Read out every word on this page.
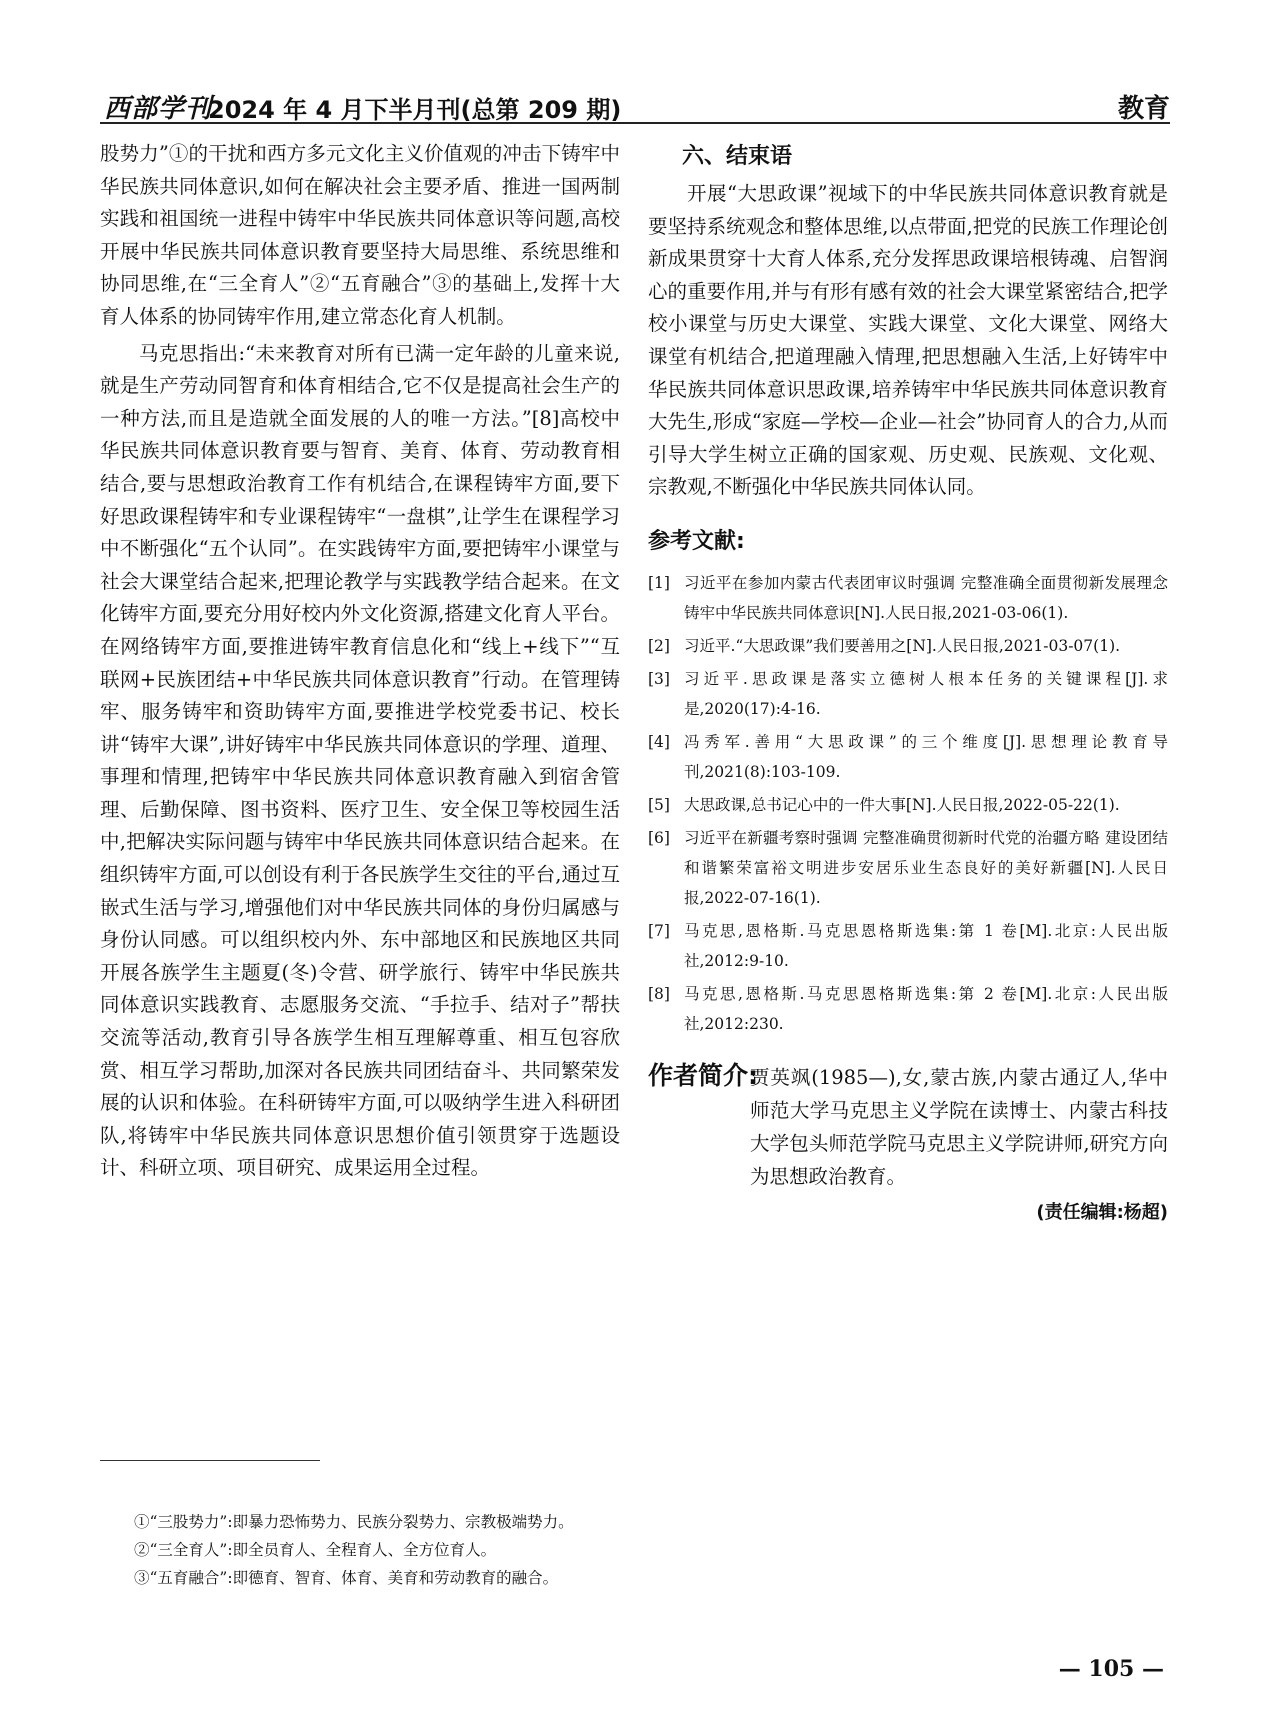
西部学刊
2024 年 4 月下半月刊(总第 209 期)	教育

股势力”①的干扰和西方多元文化主义价值观的冲击下铸牢中华民族共同体意识,如何在解决社会主要矛盾、推进一国两制实践和祖国统一进程中铸牢中华民族共同体意识等问题,高校开展中华民族共同体意识教育要坚持大局思维、系统思维和协同思维,在“三全育人”②“五育融合”③的基础上,发挥十大育人体系的协同铸牢作用,建立常态化育人机制。

马克思指出:“未来教育对所有已满一定年龄的儿童来说,就是生产劳动同智育和体育相结合,它不仅是提高社会生产的一种方法,而且是造就全面发展的人的唯一方法。”[8]高校中华民族共同体意识教育要与智育、美育、体育、劳动教育相结合,要与思想政治教育工作有机结合,在课程铸牢方面,要下好思政课程铸牢和专业课程铸牢“一盘棋”,让学生在课程学习中不断强化“五个认同”。在实践铸牢方面,要把铸牢小课堂与社会大课堂结合起来,把理论教学与实践教学结合起来。在文化铸牢方面,要充分用好校内外文化资源,搭建文化育人平台。在网络铸牢方面,要推进铸牢教育信息化和“线上+线下”“互联网+民族团结+中华民族共同体意识教育”行动。在管理铸牢、服务铸牢和资助铸牢方面,要推进学校党委书记、校长讲“铸牢大课”,讲好铸牢中华民族共同体意识的学理、道理、事理和情理,把铸牢中华民族共同体意识教育融入到宿舍管理、后勤保障、图书资料、医疗卫生、安全保卫等校园生活中,把解决实际问题与铸牢中华民族共同体意识结合起来。在组织铸牢方面,可以创设有利于各民族学生交往的平台,通过互嵌式生活与学习,增强他们对中华民族共同体的身份归属感与身份认同感。可以组织校内外、东中部地区和民族地区共同开展各族学生主题夏(冬)令营、研学旅行、铸牢中华民族共同体意识实践教育、志愿服务交流、“手拉手、结对子”帮扶交流等活动,教育引导各族学生相互理解尊重、相互包容欣赏、相互学习帮助,加深对各民族共同团结奋斗、共同繁荣发展的认识和体验。在科研铸牢方面,可以吸纳学生进入科研团队,将铸牢中华民族共同体意识思想价值引领贯穿于选题设计、科研立项、项目研究、成果运用全过程。

六、结束语

开展“大思政课”视域下的中华民族共同体意识教育就是要坚持系统观念和整体思维,以点带面,把党的民族工作理论创新成果贯穿十大育人体系,充分发挥思政课培根铸魂、启智润心的重要作用,并与有形有感有效的社会大课堂紧密结合,把学校小课堂与历史大课堂、实践大课堂、文化大课堂、网络大课堂有机结合,把道理融入情理,把思想融入生活,上好铸牢中华民族共同体意识思政课,培养铸牢中华民族共同体意识教育大先生,形成“家庭—学校—企业—社会”协同育人的合力,从而引导大学生树立正确的国家观、历史观、民族观、文化观、宗教观,不断强化中华民族共同体认同。

参考文献:
[1] 习近平在参加内蒙古代表团审议时强调 完整准确全面贯彻新发展理念 铸牢中华民族共同体意识[N].人民日报,2021-03-06(1).
[2] 习近平.“大思政课”我们要善用之[N].人民日报,2021-03-07(1).
[3] 习近平.思政课是落实立德树人根本任务的关键课程[J].求是,2020(17):4-16.
[4] 冯秀军.善用“大思政课”的三个维度[J].思想理论教育导刊,2021(8):103-109.
[5] 大思政课,总书记心中的一件大事[N].人民日报,2022-05-22(1).
[6] 习近平在新疆考察时强调 完整准确贯彻新时代党的治疆方略 建设团结和谐繁荣富裕文明进步安居乐业生态良好的美好新疆[N].人民日报,2022-07-16(1).
[7] 马克思,恩格斯.马克思恩格斯选集:第 1 卷[M].北京:人民出版社,2012:9-10.
[8] 马克思,恩格斯.马克思恩格斯选集:第 2 卷[M].北京:人民出版社,2012:230.
作者简介:
贾英飒(1985—),女,蒙古族,内蒙古通辽人,华中师范大学马克思主义学院在读博士、内蒙古科技大学包头师范学院马克思主义学院讲师,研究方向为思想政治教育。
(责任编辑:杨超)
①“三股势力”:即暴力恐怖势力、民族分裂势力、宗教极端势力。
②“三全育人”:即全员育人、全程育人、全方位育人。
③“五育融合”:即德育、智育、体育、美育和劳动教育的融合。
— 105 —
